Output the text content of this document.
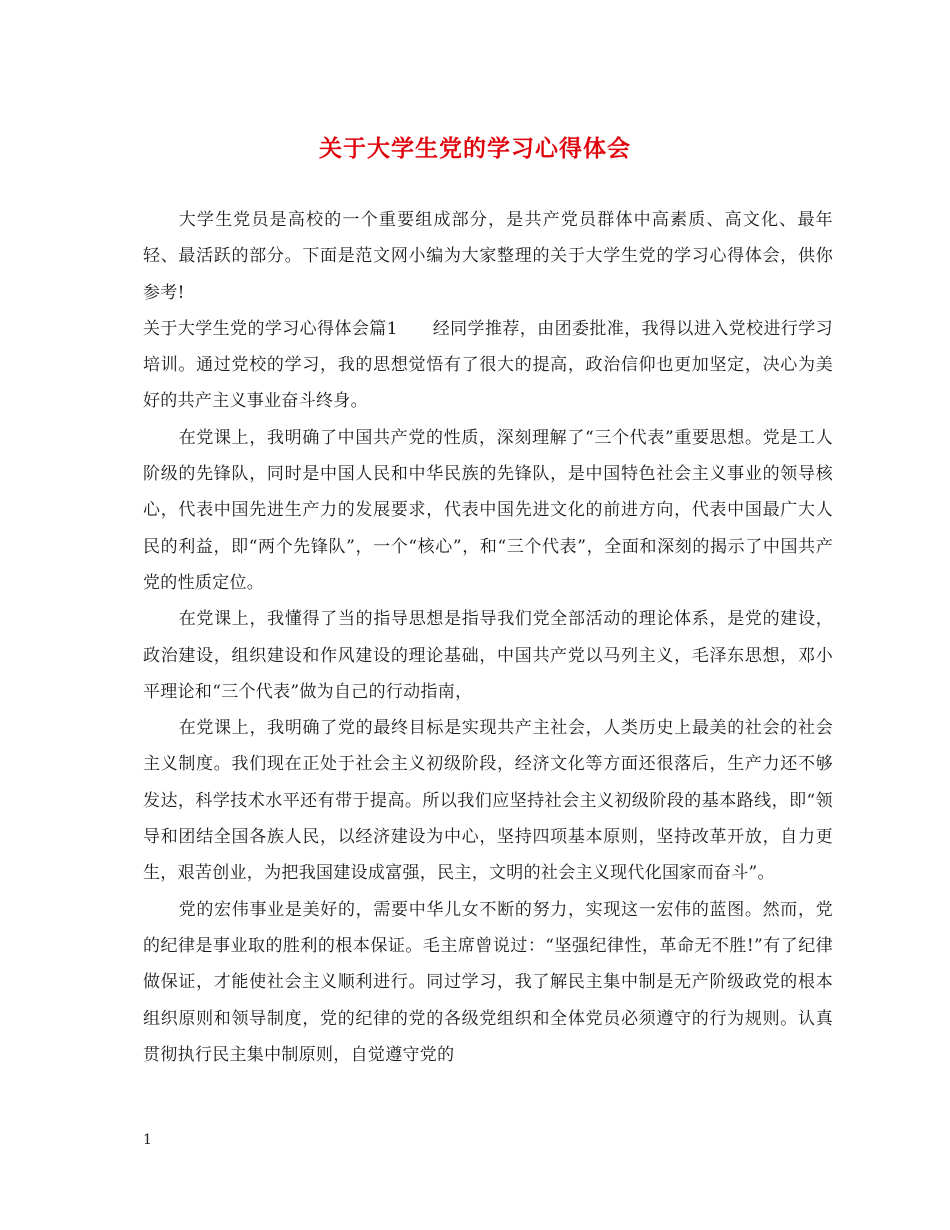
关于大学生党的学习心得体会

大学生党员是高校的一个重要组成部分，是共产党员群体中高素质、高文化、最年轻、最活跃的部分。下面是范文网小编为大家整理的关于大学生党的学习心得体会，供你参考!

关于大学生党的学习心得体会篇1　　经同学推荐，由团委批准，我得以进入党校进行学习培训。通过党校的学习，我的思想觉悟有了很大的提高，政治信仰也更加坚定，决心为美好的共产主义事业奋斗终身。

在党课上，我明确了中国共产党的性质，深刻理解了“三个代表”重要思想。党是工人阶级的先锋队，同时是中国人民和中华民族的先锋队，是中国特色社会主义事业的领导核心，代表中国先进生产力的发展要求，代表中国先进文化的前进方向，代表中国最广大人民的利益，即“两个先锋队”，一个“核心”，和“三个代表”，全面和深刻的揭示了中国共产党的性质定位。

在党课上，我懂得了当的指导思想是指导我们党全部活动的理论体系，是党的建设，政治建设，组织建设和作风建设的理论基础，中国共产党以马列主义，毛泽东思想，邓小平理论和“三个代表”做为自己的行动指南，

在党课上，我明确了党的最终目标是实现共产主社会，人类历史上最美的社会的社会主义制度。我们现在正处于社会主义初级阶段，经济文化等方面还很落后，生产力还不够发达，科学技术水平还有带于提高。所以我们应坚持社会主义初级阶段的基本路线，即“领导和团结全国各族人民，以经济建设为中心，坚持四项基本原则，坚持改革开放，自力更生，艰苦创业，为把我国建设成富强，民主，文明的社会主义现代化国家而奋斗”。

党的宏伟事业是美好的，需要中华儿女不断的努力，实现这一宏伟的蓝图。然而，党的纪律是事业取的胜利的根本保证。毛主席曾说过：“坚强纪律性，革命无不胜!”有了纪律做保证，才能使社会主义顺利进行。同过学习，我了解民主集中制是无产阶级政党的根本组织原则和领导制度，党的纪律的党的各级党组织和全体党员必须遵守的行为规则。认真贯彻执行民主集中制原则，自觉遵守党的

1
